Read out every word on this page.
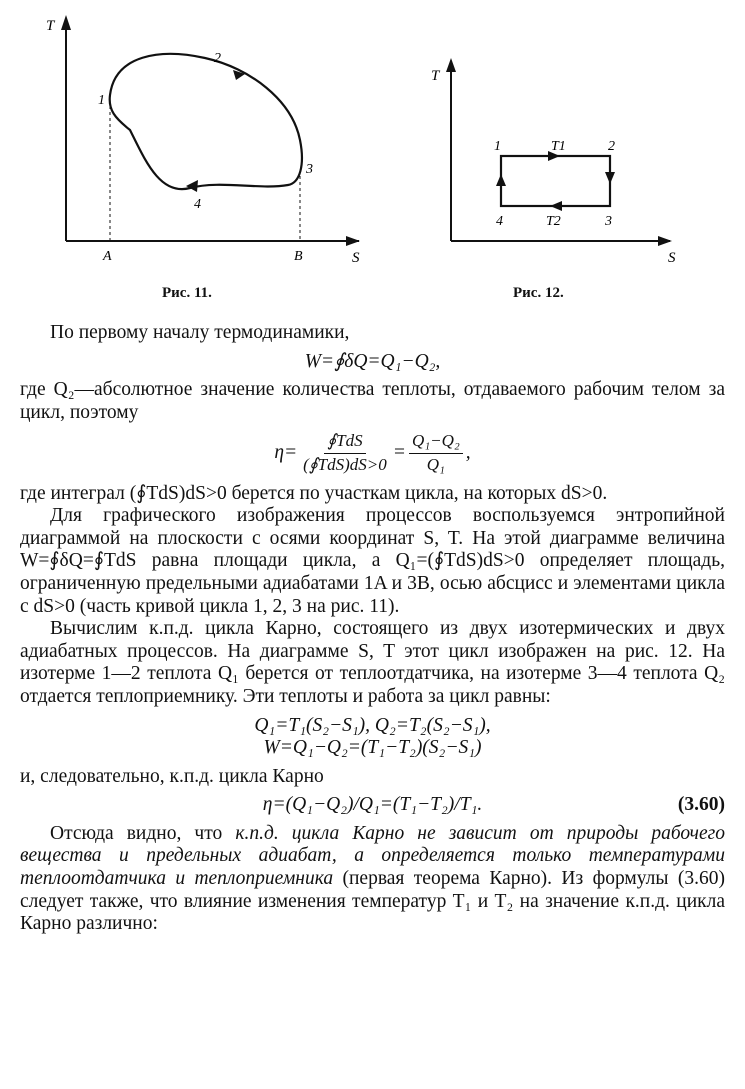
T
S
1
2
3
4
A	B
T
S
1	2
3
4
T1
T2
Рис. 11.	Рис. 12.

По первому началу термодинамики,

W=∮δQ=Q₁−Q₂,

где Q₂—абсолютное значение количества теплоты, отдаваемого рабочим телом за цикл, поэтому

$\eta= \frac{\text{∮TdS}}{\text{(∮TdS)dS>0}} = \frac{\text{Q₁−Q₂}}{\text{Q₁}}$ ,

где интеграл (∮TdS)dS>0 берется по участкам цикла, на которых dS>0.

Для графического изображения процессов воспользуемся энтропийной диаграммой на плоскости с осями координат S, T. На этой диаграмме величина W=∮δQ=∮TdS равна площади цикла, а Q₁=(∮TdS)dS>0 определяет площадь, ограниченную предельными адиабатами 1A и 3B, осью абсцисс и элементами цикла с dS>0 (часть кривой цикла 1, 2, 3 на рис. 11).

Вычислим к.п.д. цикла Карно, состоящего из двух изотермических и двух адиабатных процессов. На диаграмме S, T этот цикл изображен на рис. 12. На изотерме 1—2 теплота Q₁ берется от теплоотдатчика, на изотерме 3—4 теплота Q₂ отдается теплоприемнику. Эти теплоты и работа за цикл равны:

Q₁=T₁(S₂−S₁), Q₂=T₂(S₂−S₁),
W=Q₁−Q₂=(T₁−T₂)(S₂−S₁)

и, следовательно, к.п.д. цикла Карно

η=(Q₁−Q₂)/Q₁=(T₁−T₂)/T₁.	(3.60)

Отсюда видно, что к.п.д. цикла Карно не зависит от природы рабочего вещества и предельных адиабат, а определяется только температурами теплоотдатчика и теплоприемника (первая теорема Карно). Из формулы (3.60) следует также, что влияние изменения температур T₁ и T₂ на значение к.п.д. цикла Карно различно:
